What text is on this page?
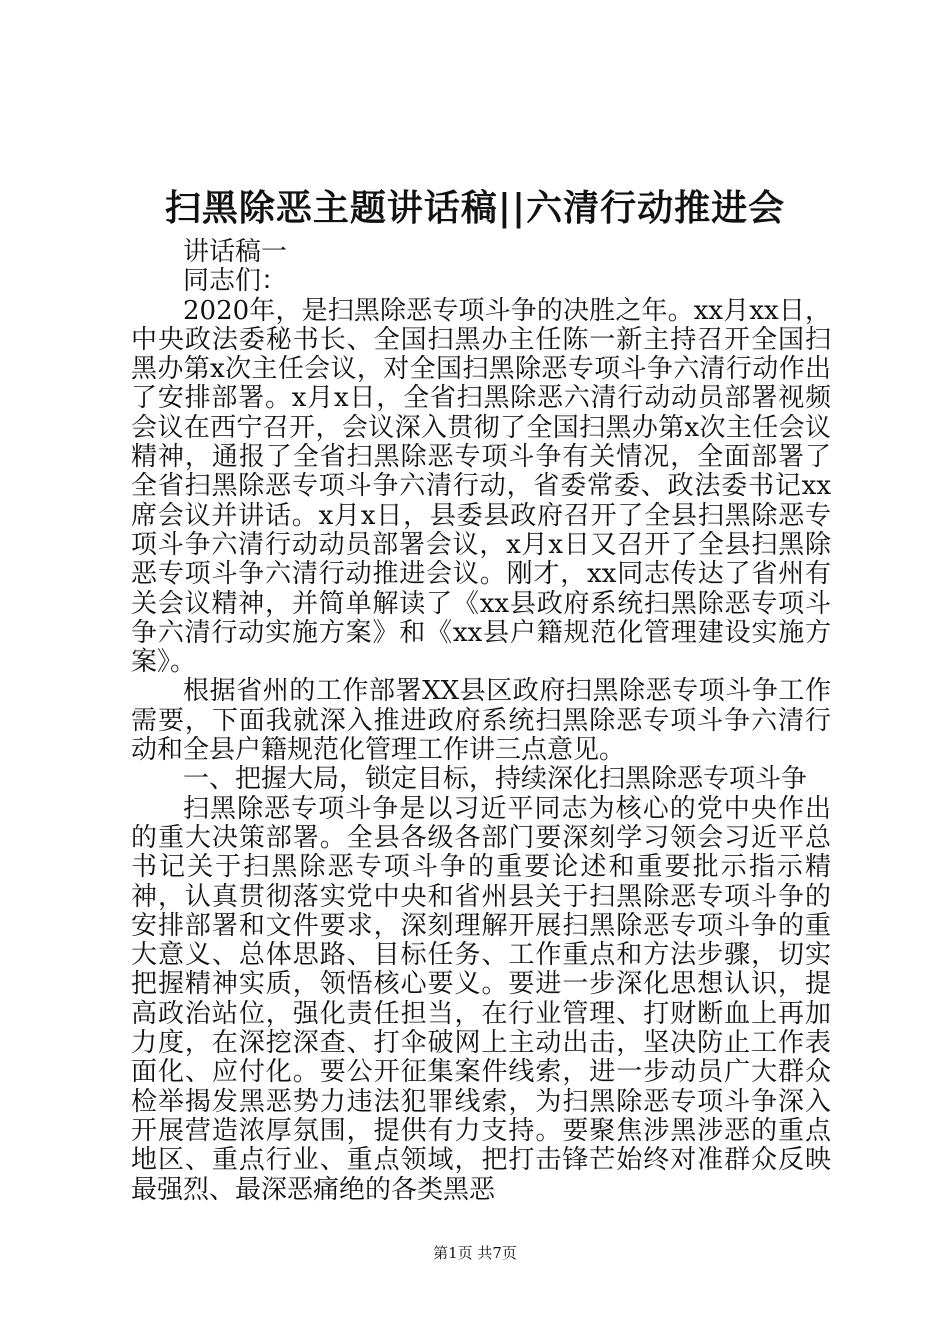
扫黑除恶主题讲话稿||六清行动推进会

讲话稿一

同志们：

2020年，是扫黑除恶专项斗争的决胜之年。xx月xx日，中央政法委秘书长、全国扫黑办主任陈一新主持召开全国扫黑办第x次主任会议，对全国扫黑除恶专项斗争六清行动作出了安排部署。x月x日，全省扫黑除恶六清行动动员部署视频会议在西宁召开，会议深入贯彻了全国扫黑办第x次主任会议精神，通报了全省扫黑除恶专项斗争有关情况，全面部署了全省扫黑除恶专项斗争六清行动，省委常委、政法委书记xx席会议并讲话。x月x日，县委县政府召开了全县扫黑除恶专项斗争六清行动动员部署会议，x月x日又召开了全县扫黑除恶专项斗争六清行动推进会议。刚才，xx同志传达了省州有关会议精神，并简单解读了《xx县政府系统扫黑除恶专项斗争六清行动实施方案》和《xx县户籍规范化管理建设实施方案》。

根据省州的工作部署XX县区政府扫黑除恶专项斗争工作需要，下面我就深入推进政府系统扫黑除恶专项斗争六清行动和全县户籍规范化管理工作讲三点意见。

一、把握大局，锁定目标，持续深化扫黑除恶专项斗争

扫黑除恶专项斗争是以习近平同志为核心的党中央作出的重大决策部署。全县各级各部门要深刻学习领会习近平总书记关于扫黑除恶专项斗争的重要论述和重要批示指示精神，认真贯彻落实党中央和省州县关于扫黑除恶专项斗争的安排部署和文件要求，深刻理解开展扫黑除恶专项斗争的重大意义、总体思路、目标任务、工作重点和方法步骤，切实把握精神实质，领悟核心要义。要进一步深化思想认识，提高政治站位，强化责任担当，在行业管理、打财断血上再加力度，在深挖深查、打伞破网上主动出击，坚决防止工作表面化、应付化。要公开征集案件线索，进一步动员广大群众检举揭发黑恶势力违法犯罪线索，为扫黑除恶专项斗争深入开展营造浓厚氛围，提供有力支持。要聚焦涉黑涉恶的重点地区、重点行业、重点领域，把打击锋芒始终对准群众反映最强烈、最深恶痛绝的各类黑恶

第1页 共7页
